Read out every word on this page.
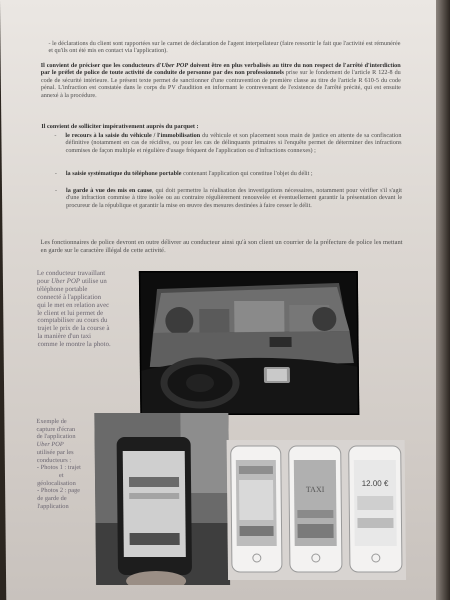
- le déclarations du client sont rapportées sur le carnet de déclaration de l'agent interpellateur (faire ressortir le fait que l'activité est rémunérée et qu'ils ont été mis en contact via l'application).
Il convient de préciser que les conducteurs d'Uber POP doivent être en plus verbalisés au titre du non respect de l'arrêté d'interdiction par le préfet de police de toute activité de conduite de personne par des non professionnels prise sur le fondement de l'article R 122-8 du code de sécurité intérieure. Le présent texte permet de sanctionner d'une contravention de première classe au titre de l'article R 610-5 du code pénal. L'infraction est constatée dans le corps du PV d'audition en informant le contrevenant de l'existence de l'arrêté précité, qui est ensuite annexé à la procédure.
Il convient de solliciter impérativement auprès du parquet :
- le recours à la saisie du véhicule / l'immobilisation du véhicule et son placement sous main de justice en attente de sa confiscation définitive (notamment en cas de récidive, ou pour les cas de délinquants primaires si l'enquête permet de déterminer des infractions commises de façon multiple et régulière d'usage fréquent de l'application ou d'infractions connexes) ;
- la saisie systématique du téléphone portable contenant l'application qui constitue l'objet du délit ;
- la garde à vue des mis en cause, qui doit permettre la réalisation des investigations nécessaires, notamment pour vérifier s'il s'agit d'une infraction commise à titre isolée ou au contraire régulièrement renouvelée et éventuellement garantir la présentation devant le procureur de la république et garantir la mise en œuvre des mesures destinées à faire cesser le délit.
Les fonctionnaires de police devront en outre délivrer au conducteur ainsi qu'à son client un courrier de la préfecture de police les mettant en garde sur le caractère illégal de cette activité.
Le conducteur travaillant
pour Uber POP utilise un
téléphone portable
connecté à l'application
qui le met en relation avec
le client et lui permet de
comptabiliser au cours du
trajet le prix de la course à
la manière d'un taxi
comme le montre la photo.
Exemple de
capture d'écran
de l'application
Uber POP
utilisée par les
conducteurs :
- Photos 1 : trajet
et
géolocalisation
- Photos 2 : page
de garde de
l'application
TAXI
12.00 €
